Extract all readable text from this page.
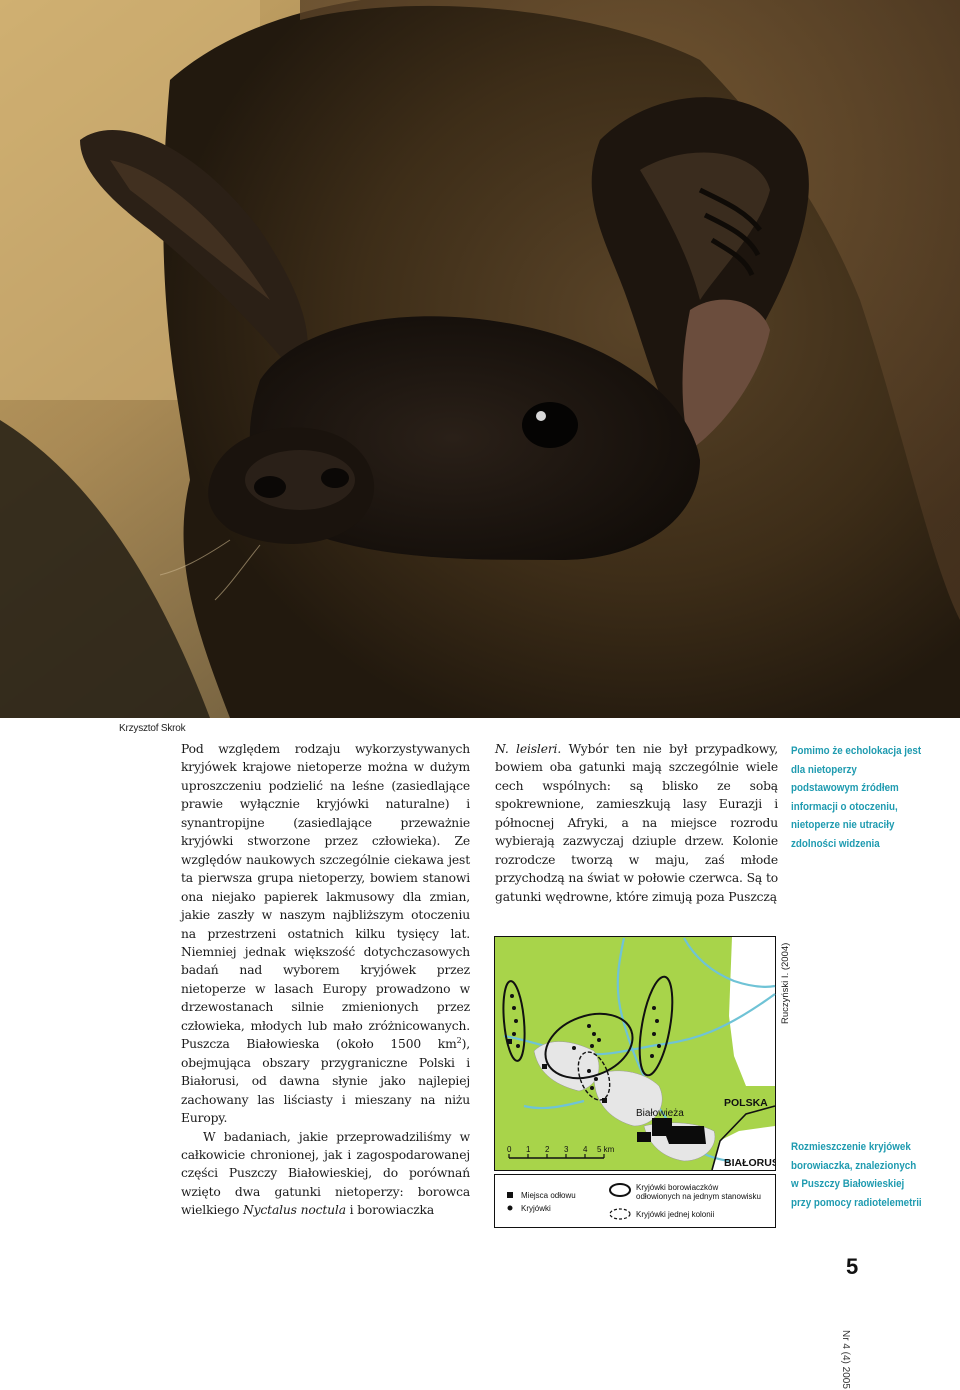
Krzysztof Skrok

Pod względem rodzaju wykorzystywanych kryjówek krajowe nietoperze można w dużym uproszczeniu podzielić na leśne (zasiedlające prawie wyłącznie kryjówki naturalne) i synantropijne (zasiedlające przeważnie kryjówki stworzone przez człowieka). Ze względów naukowych szczególnie ciekawa jest ta pierwsza grupa nietoperzy, bowiem stanowi ona niejako papierek lakmusowy dla zmian, jakie zaszły w naszym najbliższym otoczeniu na przestrzeni ostatnich kilku tysięcy lat. Niemniej jednak większość dotychczasowych badań nad wyborem kryjówek przez nietoperze w lasach Europy prowadzono w drzewostanach silnie zmienionych przez człowieka, młodych lub mało zróżnicowanych. Puszcza Białowieska (około 1500 $km^2$), obejmująca obszary przygraniczne Polski i Białorusi, od dawna słynie jako najlepiej zachowany las liściasty i mieszany na niżu Europy.

W badaniach, jakie przeprowadziliśmy w całkowicie chronionej, jak i zagospodarowanej części Puszczy Białowieskiej, do porównań wzięto dwa gatunki nietoperzy: borowca wielkiego Nyctalus noctula i borowiaczka

N. leisleri. Wybór ten nie był przypadkowy, bowiem oba gatunki mają szczególnie wiele cech wspólnych: są blisko ze sobą spokrewnione, zamieszkują lasy Eurazji i północnej Afryki, a na miejsce rozrodu wybierają zazwyczaj dziuple drzew. Kolonie rozrodcze tworzą w maju, zaś młode przychodzą na świat w połowie czerwca. Są to gatunki wędrowne, które zimują poza Puszczą

Pomimo że echolokacja jest dla nietoperzy podstawowym źródłem informacji o otoczeniu, nietoperze nie utraciły zdolności widzenia
Białowieża
POLSKA
BIAŁORUŚ
0 1 2 3 4 5 km
Miejsca odłowu
Kryjówki
Kryjówki borowiaczków
odłowionych na jednym stanowisku
Kryjówki jednej kolonii
Ruczyński I. (2004)
Rozmieszczenie kryjówek borowiaczka, znalezionych w Puszczy Białowieskiej przy pomocy radiotelemetrii
5
Nr 4 (4) 2005
